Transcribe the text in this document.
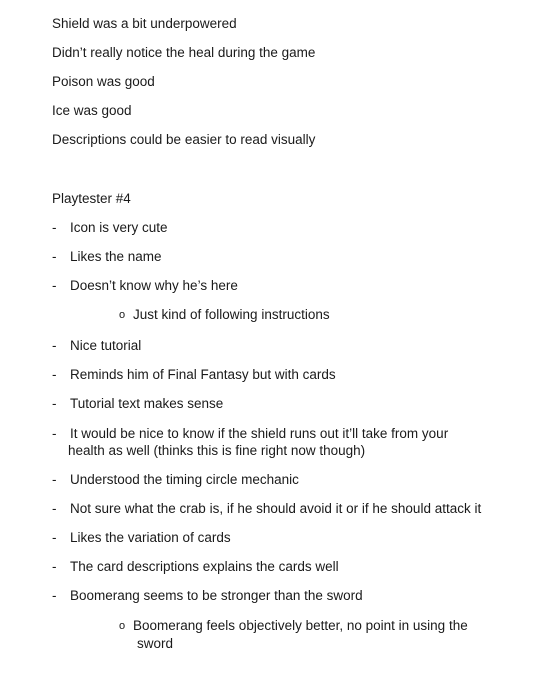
Shield was a bit underpowered
Didn’t really notice the heal during the game
Poison was good
Ice was good
Descriptions could be easier to read visually
Playtester #4
- Icon is very cute
- Likes the name
- Doesn’t know why he’s here
o Just kind of following instructions
- Nice tutorial
- Reminds him of Final Fantasy but with cards
- Tutorial text makes sense
- It would be nice to know if the shield runs out it’ll take from your
health as well (thinks this is fine right now though)
- Understood the timing circle mechanic
- Not sure what the crab is, if he should avoid it or if he should attack it
- Likes the variation of cards
- The card descriptions explains the cards well
- Boomerang seems to be stronger than the sword
o Boomerang feels objectively better, no point in using the
sword
